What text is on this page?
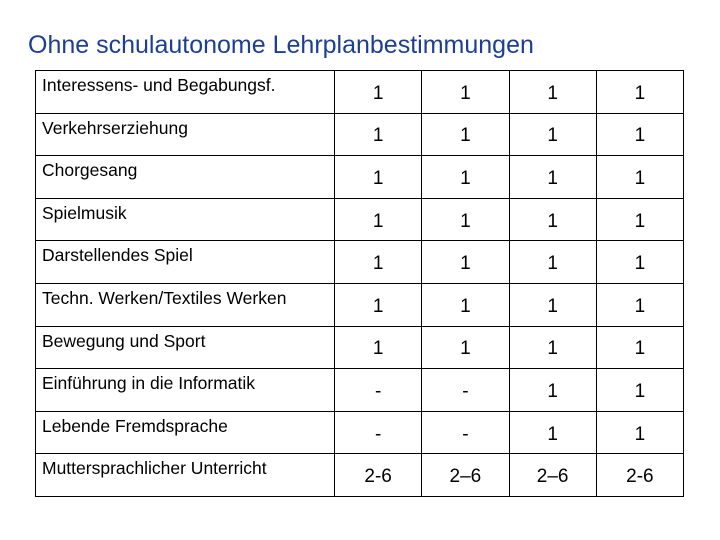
Ohne schulautonome Lehrplanbestimmungen
Interessens- und Begabungsf.	1	1	1	1
Verkehrserziehung	1	1	1	1
Chorgesang	1	1	1	1
Spielmusik	1	1	1	1
Darstellendes Spiel	1	1	1	1
Techn. Werken/Textiles Werken	1	1	1	1
Bewegung und Sport	1	1	1	1
Einführung in die Informatik	-	-	1	1
Lebende Fremdsprache	-	-	1	1
Muttersprachlicher Unterricht	2-6	2–6	2–6	2-6
